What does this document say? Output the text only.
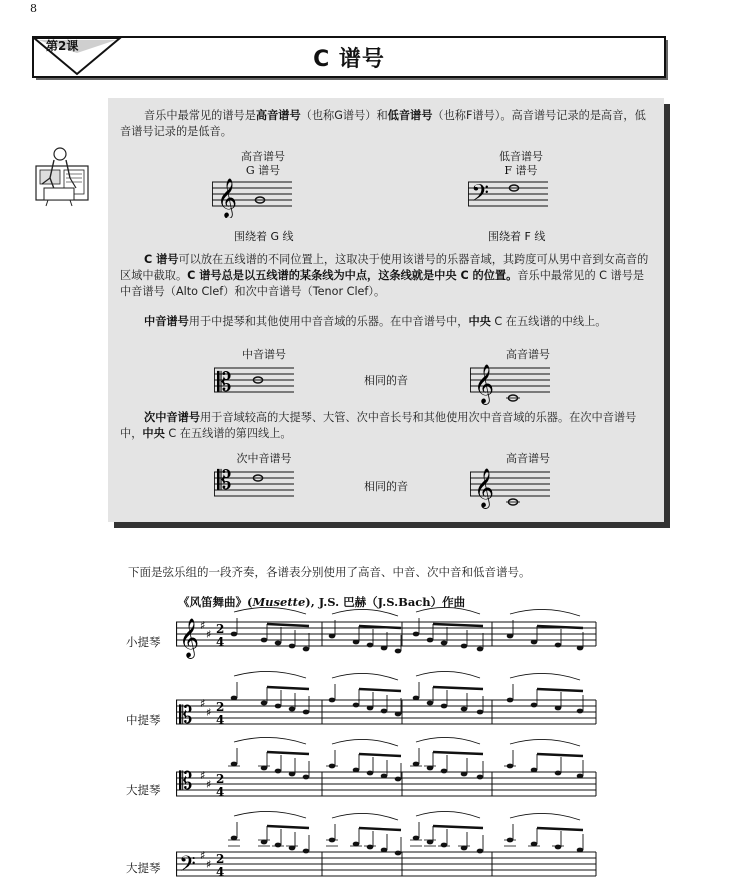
8
第2课
C 谱号
音乐中最常见的谱号是高音谱号（也称G谱号）和低音谱号（也称F谱号）。高音谱号记录的是高音，低音谱号记录的是低音。
高音谱号
G 谱号
低音谱号
F 谱号
𝄞	𝄢
围绕着 G 线	围绕着 F 线
C 谱号可以放在五线谱的不同位置上，这取决于使用该谱号的乐器音域，其跨度可从男中音到女高音的区域中截取。C 谱号总是以五线谱的某条线为中点，这条线就是中央 C 的位置。音乐中最常见的 C 谱号是中音谱号（Alto Clef）和次中音谱号（Tenor Clef）。
中音谱号用于中提琴和其他使用中音音域的乐器。在中音谱号中，中央 C 在五线谱的中线上。
中音谱号	高音谱号
相同的音
𝄡	𝄞
次中音谱号用于音域较高的大提琴、大管、次中音长号和其他使用次中音音域的乐器。在次中音谱号中，中央 C 在五线谱的第四线上。
次中音谱号	高音谱号
相同的音
𝄡	𝄞
下面是弦乐组的一段齐奏，各谱表分别使用了高音、中音、次中音和低音谱号。
《风笛舞曲》(Musette), J.S. 巴赫（J.S.Bach）作曲
小提琴
中提琴
大提琴
大提琴
𝄞 ♯
♯ 2
4
𝄡 ♯
♯ 2
4
𝄡 ♯
♯ 2
4
𝄢 ♯
♯ 2
4
